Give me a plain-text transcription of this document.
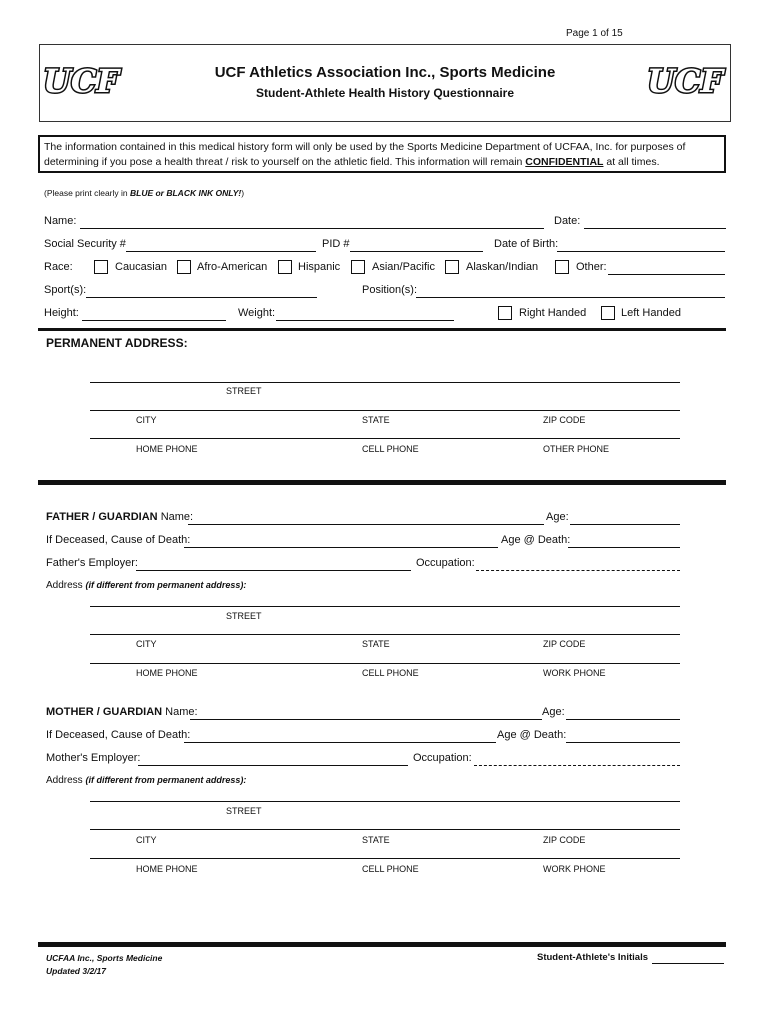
Page 1 of 15
UCF	UCF
UCF Athletics Association Inc., Sports Medicine
Student-Athlete Health History Questionnaire
The information contained in this medical history form will only be used by the Sports Medicine Department of UCFAA, Inc. for purposes of
determining if you pose a health threat / risk to yourself on the athletic field. This information will remain CONFIDENTIAL at all times.
(Please print clearly in BLUE or BLACK INK ONLY!)
Name:	Date:
Social Security #	PID #	Date of Birth:
Race:	Caucasian	Afro-American	Hispanic	Asian/Pacific	Alaskan/Indian	Other:
Sport(s):	Position(s):
Height:	Weight:	Right Handed	Left Handed
PERMANENT ADDRESS:
STREET
CITY	STATE	ZIP CODE
HOME PHONE	CELL PHONE	OTHER PHONE
FATHER / GUARDIAN Name:	Age:
If Deceased, Cause of Death:	Age @ Death:
Father's Employer:	Occupation:
Address (if different from permanent address):
STREET
CITY	STATE	ZIP CODE
HOME PHONE	CELL PHONE	WORK PHONE
MOTHER / GUARDIAN Name:	Age:
If Deceased, Cause of Death:	Age @ Death:
Mother's Employer:	Occupation:
Address (if different from permanent address):
STREET
CITY	STATE	ZIP CODE
HOME PHONE	CELL PHONE	WORK PHONE
UCFAA Inc., Sports Medicine
Updated 3/2/17
Student-Athlete's Initials
